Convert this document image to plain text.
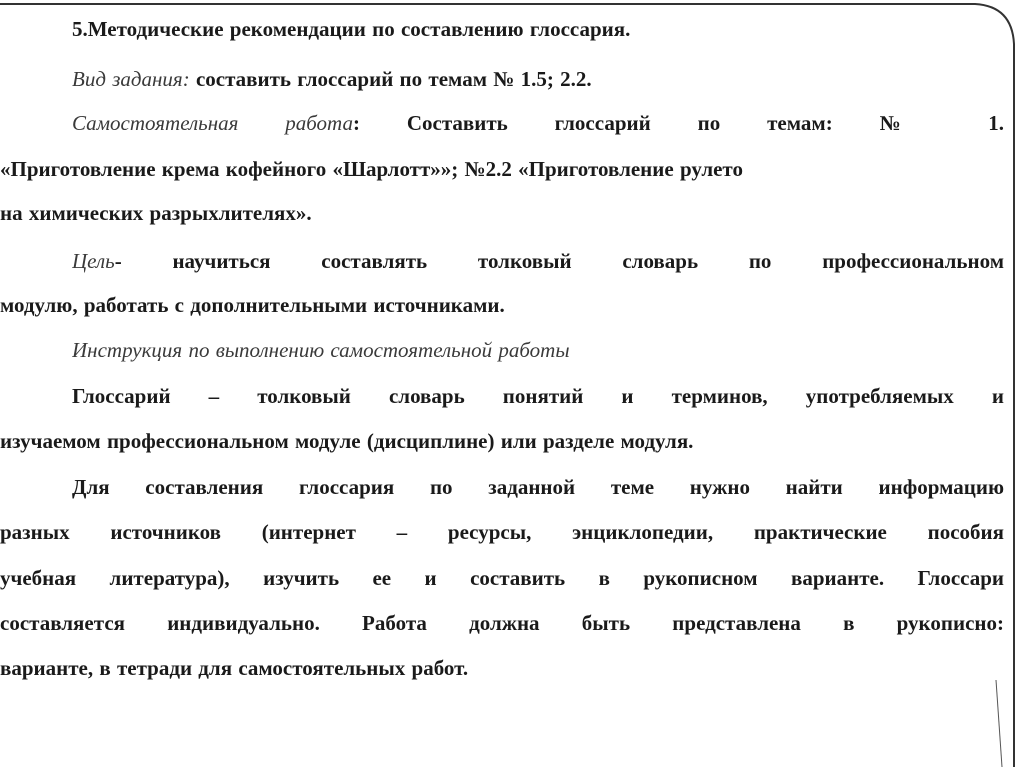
5.Методические рекомендации по составлению глоссария.

Вид задания: составить глоссарий по темам № 1.5; 2.2.

Самостоятельная работа: Составить глоссарий по темам: № 1.

«Приготовление крема кофейного «Шарлотт»»; №2.2 «Приготовление рулето

на химических разрыхлителях».

Цель- научиться составлять толковый словарь по профессиональном

модулю, работать с дополнительными источниками.

Инструкция по выполнению самостоятельной работы

Глоссарий – толковый словарь понятий и терминов, употребляемых и

изучаемом профессиональном модуле (дисциплине) или разделе модуля.

Для составления глоссария по заданной теме нужно найти информацию

разных источников (интернет – ресурсы, энциклопедии, практические пособия

учебная литература), изучить ее и составить в рукописном варианте. Глоссари

составляется индивидуально. Работа должна быть представлена в рукописно:

варианте, в тетради для самостоятельных работ.
